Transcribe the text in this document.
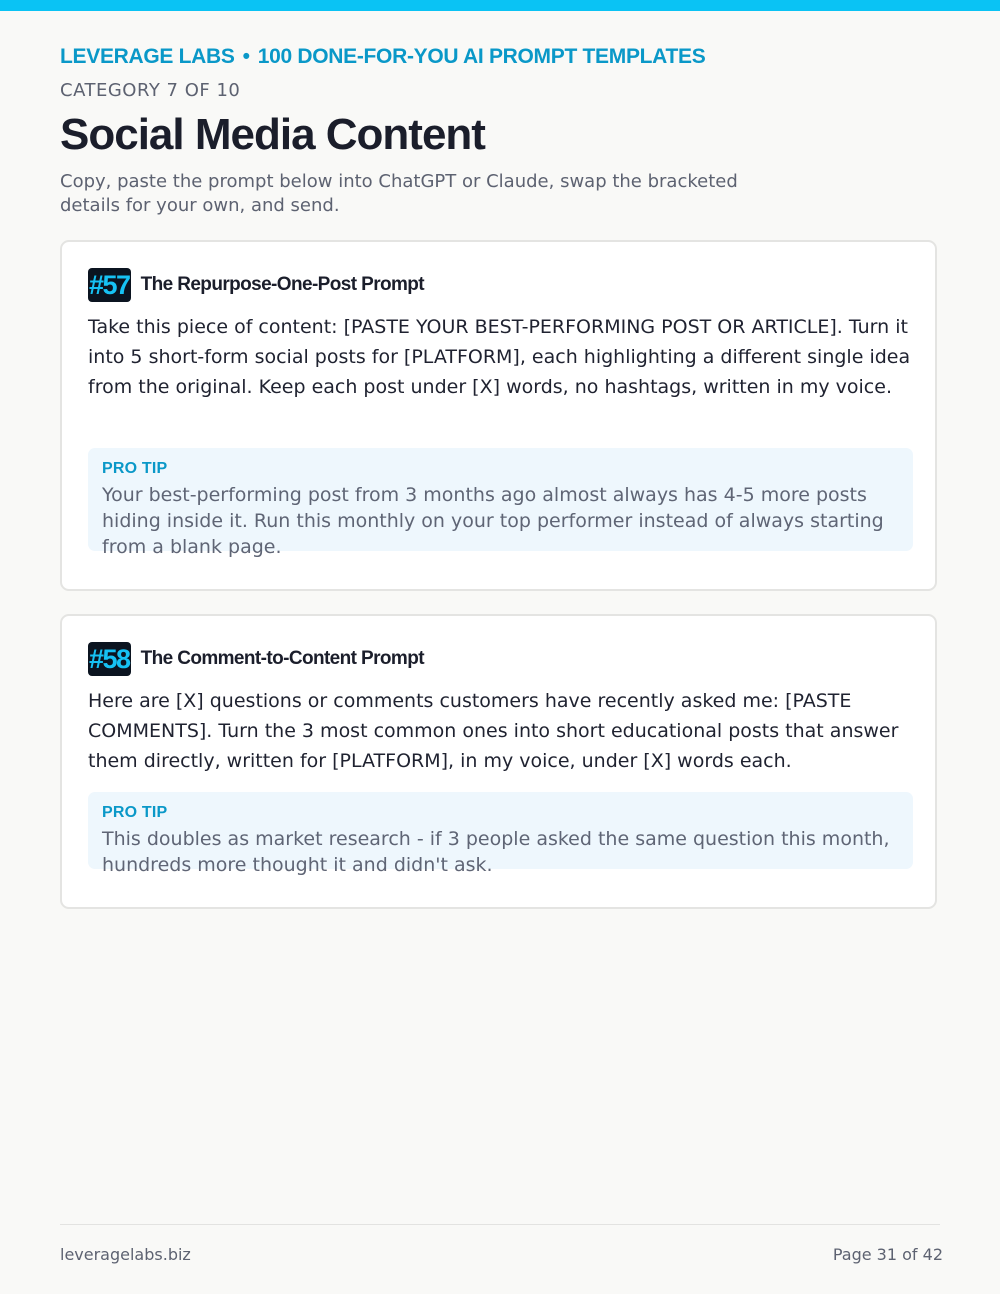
LEVERAGE LABS • 100 DONE-FOR-YOU AI PROMPT TEMPLATES
CATEGORY 7 OF 10
Social Media Content

Copy, paste the prompt below into ChatGPT or Claude, swap the bracketed details for your own, and send.

#57 The Repurpose-One-Post Prompt

Take this piece of content: [PASTE YOUR BEST-PERFORMING POST OR ARTICLE]. Turn it into 5 short-form social posts for [PLATFORM], each highlighting a different single idea from the original. Keep each post under [X] words, no hashtags, written in my voice.

PRO TIP

Your best-performing post from 3 months ago almost always has 4-5 more posts hiding inside it. Run this monthly on your top performer instead of always starting from a blank page.

#58 The Comment-to-Content Prompt

Here are [X] questions or comments customers have recently asked me: [PASTE COMMENTS]. Turn the 3 most common ones into short educational posts that answer them directly, written for [PLATFORM], in my voice, under [X] words each.

PRO TIP

This doubles as market research - if 3 people asked the same question this month, hundreds more thought it and didn't ask.

leveragelabs.biz	Page 31 of 42
